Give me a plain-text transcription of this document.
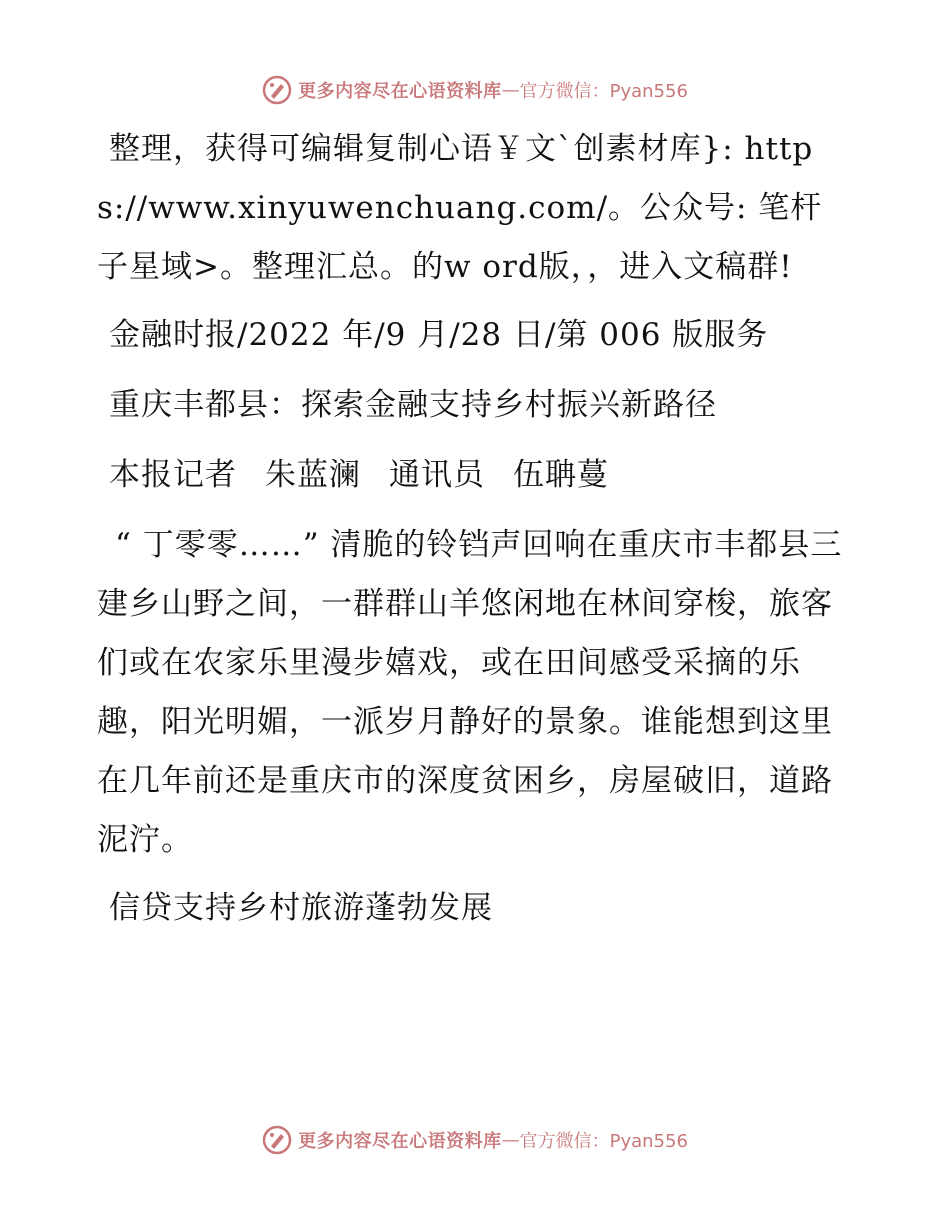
更多内容尽在心语资料库 — 官方微信：Pyan556

整理，获得可编辑复制心语￥文`创素材库}: https://www.xinyuwenchuang.com/。公众号: 笔杆子星域>。整理汇总。的w ord版，，进入文稿群!

金融时报/2022 年/9 月/28 日/第 006 版服务

重庆丰都县：探索金融支持乡村振兴新路径

本报记者 朱蓝澜 通讯员 伍聃蔓

“ 丁零零……” 清脆的铃铛声回响在重庆市丰都县三建乡山野之间，一群群山羊悠闲地在林间穿梭，旅客们或在农家乐里漫步嬉戏，或在田间感受采摘的乐趣，阳光明媚，一派岁月静好的景象。谁能想到这里在几年前还是重庆市的深度贫困乡，房屋破旧，道路泥泞。

信贷支持乡村旅游蓬勃发展

更多内容尽在心语资料库 — 官方微信：Pyan556
